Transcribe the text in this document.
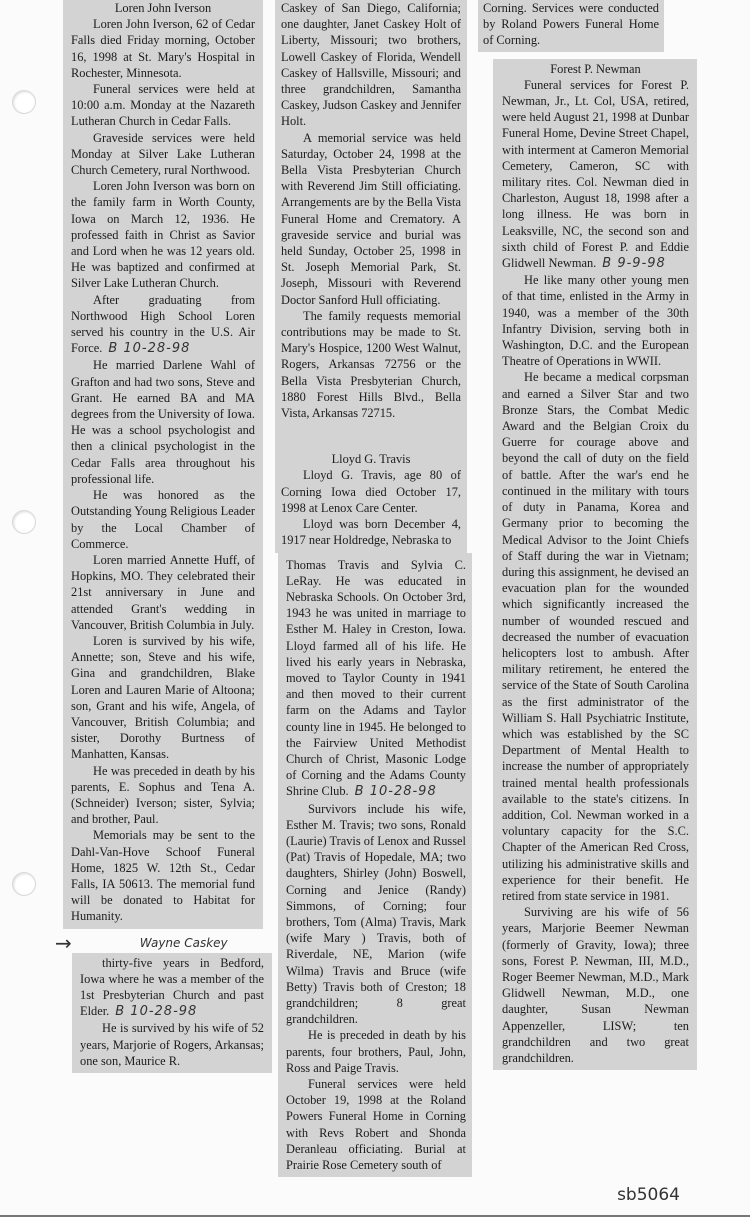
Loren John Iverson

Loren John Iverson, 62 of Cedar Falls died Friday morning, October 16, 1998 at St. Mary's Hospital in Rochester, Minnesota.

Funeral services were held at 10:00 a.m. Monday at the Nazareth Lutheran Church in Cedar Falls.

Graveside services were held Monday at Silver Lake Lutheran Church Cemetery, rural Northwood.

Loren John Iverson was born on the family farm in Worth County, Iowa on March 12, 1936. He professed faith in Christ as Savior and Lord when he was 12 years old. He was baptized and confirmed at Silver Lake Lutheran Church.

After graduating from Northwood High School Loren served his country in the U.S. Air Force. B 10-28-98

He married Darlene Wahl of Grafton and had two sons, Steve and Grant. He earned BA and MA degrees from the University of Iowa. He was a school psychologist and then a clinical psychologist in the Cedar Falls area throughout his professional life.

He was honored as the Outstanding Young Religious Leader by the Local Chamber of Commerce.

Loren married Annette Huff, of Hopkins, MO. They celebrated their 21st anniversary in June and attended Grant's wedding in Vancouver, British Columbia in July.

Loren is survived by his wife, Annette; son, Steve and his wife, Gina and grandchildren, Blake Loren and Lauren Marie of Altoona; son, Grant and his wife, Angela, of Vancouver, British Columbia; and sister, Dorothy Burtness of Manhatten, Kansas.

He was preceded in death by his parents, E. Sophus and Tena A. (Schneider) Iverson; sister, Sylvia; and brother, Paul.

Memorials may be sent to the Dahl-Van-Hove Schoof Funeral Home, 1825 W. 12th St., Cedar Falls, IA 50613. The memorial fund will be donated to Habitat for Humanity.

→	Wayne Caskey

thirty-five years in Bedford, Iowa where he was a member of the 1st Presbyterian Church and past Elder. B 10-28-98

He is survived by his wife of 52 years, Marjorie of Rogers, Arkansas; one son, Maurice R.

Caskey of San Diego, California; one daughter, Janet Caskey Holt of Liberty, Missouri; two brothers, Lowell Caskey of Florida, Wendell Caskey of Hallsville, Missouri; and three grandchildren, Samantha Caskey, Judson Caskey and Jennifer Holt.

A memorial service was held Saturday, October 24, 1998 at the Bella Vista Presbyterian Church with Reverend Jim Still officiating. Arrangements are by the Bella Vista Funeral Home and Crematory. A graveside service and burial was held Sunday, October 25, 1998 in St. Joseph Memorial Park, St. Joseph, Missouri with Reverend Doctor Sanford Hull officiating.

The family requests memorial contributions may be made to St. Mary's Hospice, 1200 West Walnut, Rogers, Arkansas 72756 or the Bella Vista Presbyterian Church, 1880 Forest Hills Blvd., Bella Vista, Arkansas 72715.

Lloyd G. Travis

Lloyd G. Travis, age 80 of Corning Iowa died October 17, 1998 at Lenox Care Center.

Lloyd was born December 4, 1917 near Holdredge, Nebraska to

Thomas Travis and Sylvia C. LeRay. He was educated in Nebraska Schools. On October 3rd, 1943 he was united in marriage to Esther M. Haley in Creston, Iowa. Lloyd farmed all of his life. He lived his early years in Nebraska, moved to Taylor County in 1941 and then moved to their current farm on the Adams and Taylor county line in 1945. He belonged to the Fairview United Methodist Church of Christ, Masonic Lodge of Corning and the Adams County Shrine Club. B 10-28-98

Survivors include his wife, Esther M. Travis; two sons, Ronald (Laurie) Travis of Lenox and Russel (Pat) Travis of Hopedale, MA; two daughters, Shirley (John) Boswell, Corning and Jenice (Randy) Simmons, of Corning; four brothers, Tom (Alma) Travis, Mark (wife Mary ) Travis, both of Riverdale, NE, Marion (wife Wilma) Travis and Bruce (wife Betty) Travis both of Creston; 18 grandchildren; 8 great grandchildren.

He is preceded in death by his parents, four brothers, Paul, John, Ross and Paige Travis.

Funeral services were held October 19, 1998 at the Roland Powers Funeral Home in Corning with Revs Robert and Shonda Deranleau officiating. Burial at Prairie Rose Cemetery south of

Corning. Services were conducted by Roland Powers Funeral Home of Corning.

Forest P. Newman

Funeral services for Forest P. Newman, Jr., Lt. Col, USA, retired, were held August 21, 1998 at Dunbar Funeral Home, Devine Street Chapel, with interment at Cameron Memorial Cemetery, Cameron, SC with military rites. Col. Newman died in Charleston, August 18, 1998 after a long illness. He was born in Leaksville, NC, the second son and sixth child of Forest P. and Eddie Glidwell Newman. B 9-9-98

He like many other young men of that time, enlisted in the Army in 1940, was a member of the 30th Infantry Division, serving both in Washington, D.C. and the European Theatre of Operations in WWII.

He became a medical corpsman and earned a Silver Star and two Bronze Stars, the Combat Medic Award and the Belgian Croix du Guerre for courage above and beyond the call of duty on the field of battle. After the war's end he continued in the military with tours of duty in Panama, Korea and Germany prior to becoming the Medical Advisor to the Joint Chiefs of Staff during the war in Vietnam; during this assignment, he devised an evacuation plan for the wounded which significantly increased the number of wounded rescued and decreased the number of evacuation helicopters lost to ambush. After military retirement, he entered the service of the State of South Carolina as the first administrator of the William S. Hall Psychiatric Institute, which was established by the SC Department of Mental Health to increase the number of appropriately trained mental health professionals available to the state's citizens. In addition, Col. Newman worked in a voluntary capacity for the S.C. Chapter of the American Red Cross, utilizing his administrative skills and experience for their benefit. He retired from state service in 1981.

Surviving are his wife of 56 years, Marjorie Beemer Newman (formerly of Gravity, Iowa); three sons, Forest P. Newman, III, M.D., Roger Beemer Newman, M.D., Mark Glidwell Newman, M.D., one daughter, Susan Newman Appenzeller, LISW; ten grandchildren and two great grandchildren.

sb5064
